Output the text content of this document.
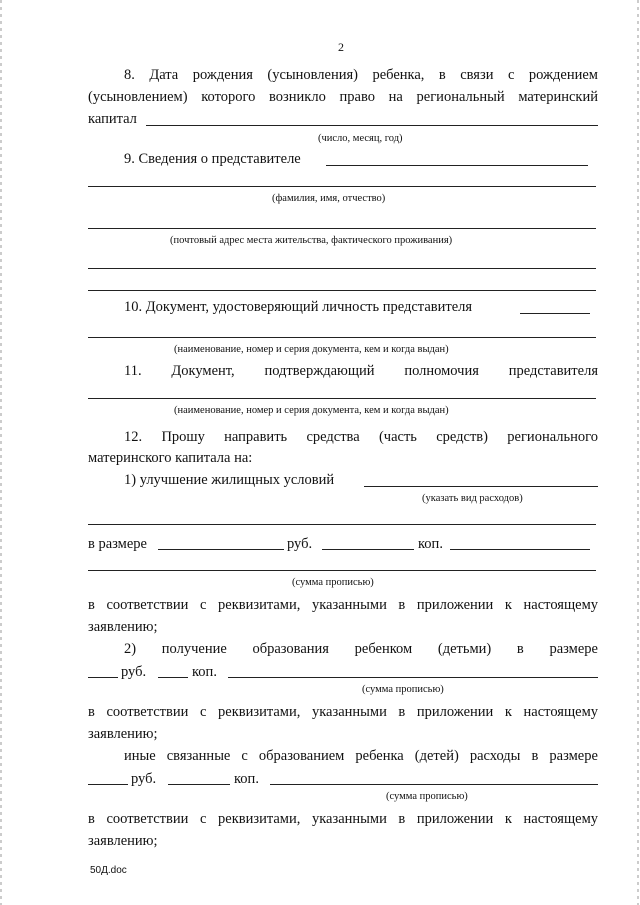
2
8. Дата рождения (усыновления) ребенка, в связи с рождением
(усыновлением) которого возникло право на региональный материнский
капитал
(число, месяц, год)
9. Сведения о представителе
(фамилия, имя, отчество)
(почтовый адрес места жительства, фактического проживания)
10. Документ, удостоверяющий личность представителя
(наименование, номер и серия документа, кем и когда выдан)
11. Документ, подтверждающий полномочия представителя
(наименование, номер и серия документа, кем и когда выдан)
12. Прошу направить средства (часть средств) регионального
материнского капитала на:
1) улучшение жилищных условий
(указать вид расходов)
в размере	руб.	коп.
(сумма прописью)
в соответствии с реквизитами, указанными в приложении к настоящему
заявлению;
2) получение образования ребенком (детьми) в размере
руб.	коп.
(сумма прописью)
в соответствии с реквизитами, указанными в приложении к настоящему
заявлению;
иные связанные с образованием ребенка (детей) расходы в размере
руб.	коп.
(сумма прописью)
в соответствии с реквизитами, указанными в приложении к настоящему
заявлению;
50Д.doc
